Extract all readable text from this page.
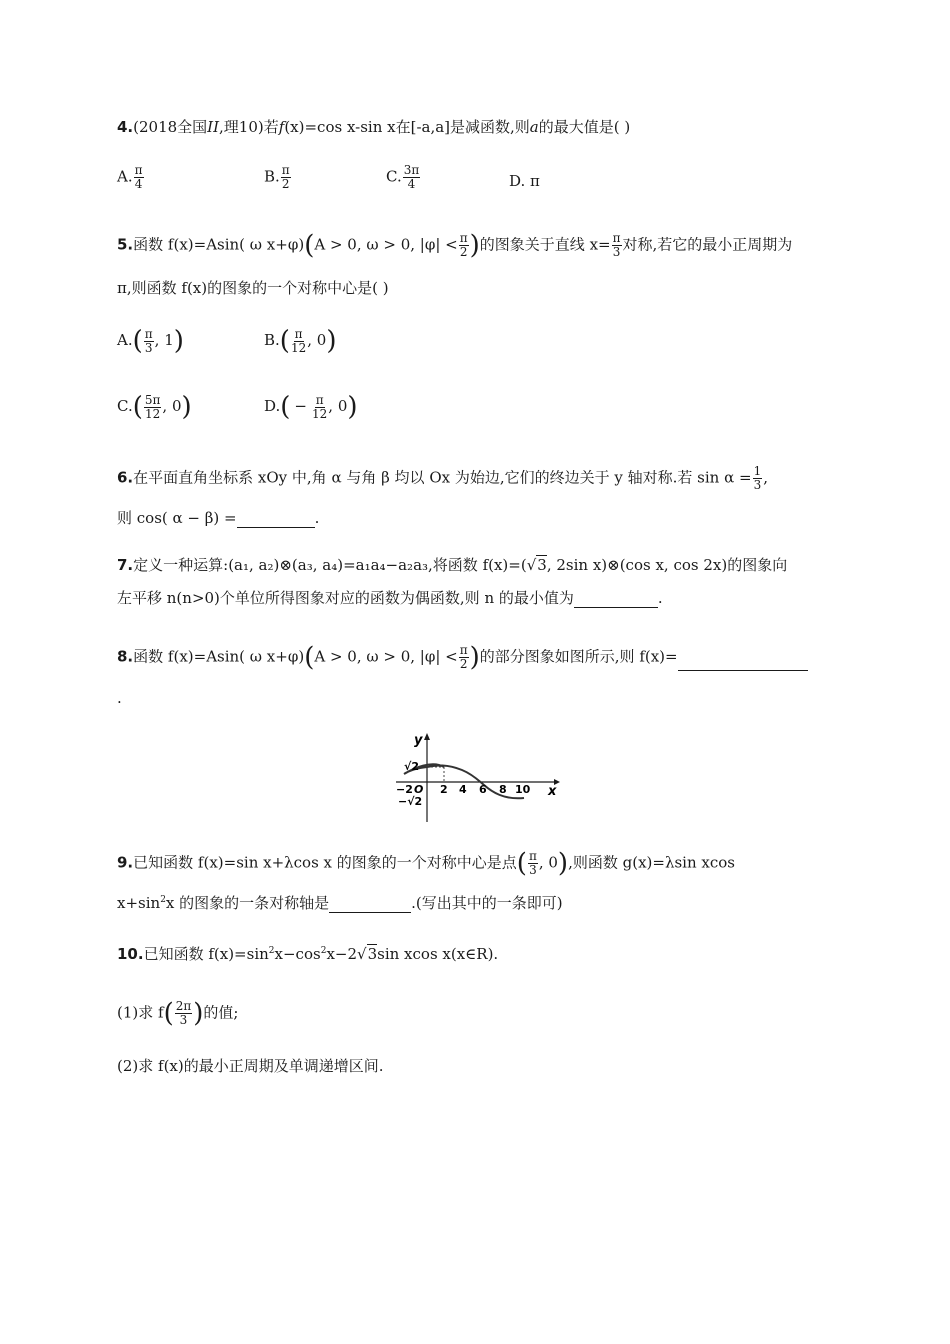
4.(2018全国II,理10)若f(x)=cos x-sin x在[-a,a]是减函数,则a的最大值是( )
A. $\frac{\pi}{4}$	B. $\frac{\pi}{2}$	C. $\frac{3\pi}{4}$	D. π
5.函数 f(x)=Asin( ω x+φ)(A > 0, ω > 0, $|\varphi| < \frac{\pi}{2}$ )的图象关于直线 $x= \frac{\pi}{3}$ 对称,若它的最小正周期为
π,则函数 f(x)的图象的一个对称中心是( )
$A.( \frac{\pi}{3}$ , 1)	$B.( \frac{\pi}{12}$ , 0)
$C.( \frac{5\pi}{12}$ , 0)	$D.( - \frac{\pi}{12}$ , 0)
6.在平面直角坐标系 xOy 中,角 α 与角 β 均以 Ox 为始边,它们的终边关于 y 轴对称.若 $\sin \alpha = \frac{1}{3}$ ,
则 cos( α − β) =	.
7.定义一种运算:(a₁, a₂)⊗(a₃, a₄)=a₁a₄−a₂a₃,将函数 f(x)=(√3, 2sin x)⊗(cos x, cos 2x)的图象向
左平移 n(n>0)个单位所得图象对应的函数为偶函数,则 n 的最小值为	.
8.函数 f(x)=Asin( ω x+φ)(A > 0, ω > 0, $|\varphi| < \frac{\pi}{2}$ )的部分图象如图所示,则 f(x)=
.
y
x
√2
−√2
O
−2 2 4 6 8 10
9.已知函数 f(x)=sin x+λcos x 的图象的一个对称中心是点( $\frac{\pi}{3}$ , 0),则函数 g(x)=λsin xcos
$x+\sin^2x$ 的图象的一条对称轴是	.(写出其中的一条即可)
10.已知函数 $f(x)=\sin^2x-\cos^2x-2√3\sin$ xcos x(x∈R).
(1)求 $f( \frac{2\pi}{3}$ )的值;
(2)求 f(x)的最小正周期及单调递增区间.
